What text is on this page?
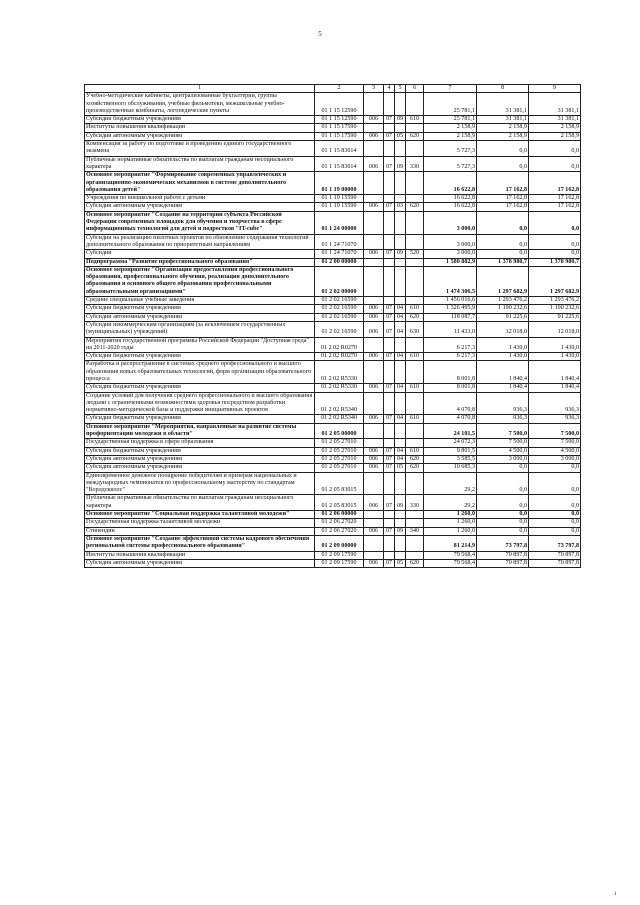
5
1	2	3	4	5	6	7	8	9
Учебно-методические кабинеты, централизованные бухгалтерии, группы хозяйственного обслуживания, учебные фильмотеки, межшкольные учебно-производственные комбинаты, логопедические пункты	01 1 15 12590					25 781,1	31 381,1	31 381,1
Субсидии бюджетным учреждениям	01 1 15 12590	006	07	09	610	25 781,1	31 381,1	31 381,1
Институты повышения квалификации	01 1 15 17590					2 158,9	2 158,9	2 158,9
Субсидии автономным учреждениям	01 1 15 17590	006	07	05	620	2 158,9	2 158,9	2 158,9
Компенсация за работу по подготовке и проведению единого государственного экзамена	01 1 15 83014					5 727,3	0,0	0,0
Публичные нормативные обязательства по выплатам гражданам несоциального характера	01 1 15 83014	006	07	09	330	5 727,3	0,0	0,0
Основное мероприятие "Формирование современных управленческих и организационно-экономических механизмов в системе дополнительного образования детей"	01 1 19 00000					16 622,8	17 162,8	17 162,8
Учреждения по внешкольной работе с детьми	01 1 19 15590					16 622,8	17 162,8	17 162,8
Субсидии автономным учреждениям	01 1 19 15590	006	07	03	620	16 622,8	17 162,8	17 162,8
Основное мероприятие "Создание на территории субъекта Российской Федерации современных площадок для обучения и творчества в сфере информационных технологий для детей и подростков "IT-cube"	01 1 24 00000					3 000,0	0,0	0,0
Субсидии на реализацию пилотных проектов по обновлению содержания технологий дополнительного образования по приоритетным направлениям	01 1 24 71070					3 000,0	0,0	0,0
Субсидии	01 1 24 71070	006	07	09	520	3 000,0	0,0	0,0
Подпрограмма "Развитие профессионального образования"	01 2 00 00000					1 580 882,9	1 378 980,7	1 378 980,7
Основное мероприятие "Организация предоставления профессионального образования, профессионального обучения, реализация дополнительного образования и основного общего образования профессиональными образовательными организациями"	01 2 02 00000					1 474 306,5	1 297 682,9	1 297 682,9
Средние специальные учебные заведения	01 2 02 16590					1 456 016,6	1 293 476,2	1 293 476,2
Субсидии бюджетным учреждениям	01 2 02 16590	006	07	04	610	1 326 495,9	1 190 232,6	1 190 232,6
Субсидии автономным учреждениям	01 2 02 16590	006	07	04	620	118 087,7	91 225,6	91 225,6
Субсидии некоммерческим организациям (за исключением государственных (муниципальных) учреждений)	01 2 02 16590	006	07	04	630	11 433,0	12 018,0	12 018,0
Мероприятия государственной программы Российской Федерации "Доступная среда" на 2011-2020 годы	01 2 02 R0270					6 217,3	1 430,0	1 430,0
Субсидии бюджетным учреждениям	01 2 02 R0270	006	07	04	610	6 217,3	1 430,0	1 430,0
Разработка и распространение в системах среднего профессионального и высшего образования новых образовательных технологий, форм организации образовательного процесса	01 2 02 R5330					8 001,8	1 840,4	1 840,4
Субсидии бюджетным учреждениям	01 2 02 R5330	006	07	04	610	8 001,8	1 840,4	1 840,4
Создание условий для получения среднего профессионального и высшего образования людьми с ограниченными возможностями здоровья посредством разработки нормативно-методической базы и поддержки инициативных проектов	01 2 02 R5340					4 070,8	936,3	936,3
Субсидии бюджетным учреждениям	01 2 02 R5340	006	07	04	610	4 070,8	936,3	936,3
Основное мероприятие "Мероприятия, направленные на развитие системы профориентации молодежи в области"	01 2 05 00000					24 101,5	7 500,0	7 500,0
Государственная поддержка в сфере образования	01 2 05 27010					24 072,3	7 500,0	7 500,0
Субсидии бюджетным учреждениям	01 2 05 27010	006	07	04	610	9 801,5	4 500,0	4 500,0
Субсидии автономным учреждениям	01 2 05 27010	006	07	04	620	3 585,5	3 000,0	3 000,0
Субсидии автономным учреждениям	01 2 05 27010	006	07	05	620	10 685,3	0,0	0,0
Единовременное денежное поощрение победителям и призерам национальных и международных чемпионатов по профессиональному мастерству по стандартам "Ворлдскиллс"	01 2 05 83015					29,2	0,0	0,0
Публичные нормативные обязательства по выплатам гражданам несоциального характера	01 2 05 83015	006	07	09	330	29,2	0,0	0,0
Основное мероприятие "Социальная поддержка талантливой молодежи"	01 2 06 00000					1 260,0	0,0	0,0
Государственная поддержка талантливой молодежи	01 2 06 27020					1 260,0	0,0	0,0
Стипендии	01 2 06 27020	006	07	09	340	1 260,0	0,0	0,0
Основное мероприятие "Создание эффективной системы кадрового обеспечения региональной системы профессионального образования"	01 2 09 00000					81 214,9	73 797,8	73 797,8
Институты повышения квалификации	01 2 09 17590					79 568,4	70 897,8	70 897,8
Субсидии автономным учреждениям	01 2 09 17590	006	07	05	620	79 568,4	70 897,8	70 897,8
1
